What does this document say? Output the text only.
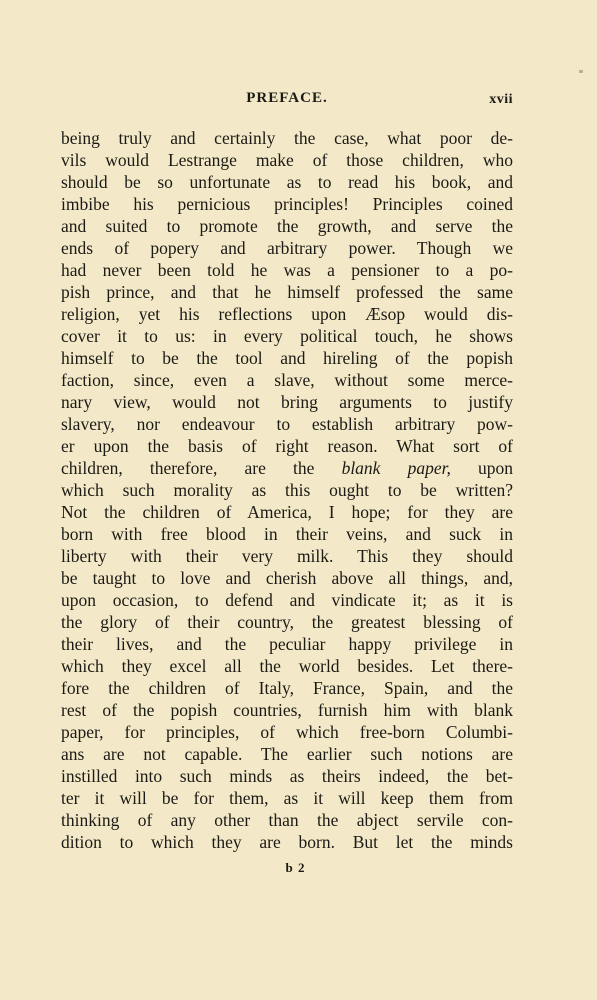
PREFACE.	xvii
being truly and certainly the case, what poor de-
vils would Lestrange make of those children, who
should be so unfortunate as to read his book, and
imbibe his pernicious principles! Principles coined
and suited to promote the growth, and serve the
ends of popery and arbitrary power. Though we
had never been told he was a pensioner to a po-
pish prince, and that he himself professed the same
religion, yet his reflections upon Æsop would dis-
cover it to us: in every political touch, he shows
himself to be the tool and hireling of the popish
faction, since, even a slave, without some merce-
nary view, would not bring arguments to justify
slavery, nor endeavour to establish arbitrary pow-
er upon the basis of right reason. What sort of
children, therefore, are the blank paper, upon
which such morality as this ought to be written?
Not the children of America, I hope; for they are
born with free blood in their veins, and suck in
liberty with their very milk. This they should
be taught to love and cherish above all things, and,
upon occasion, to defend and vindicate it; as it is
the glory of their country, the greatest blessing of
their lives, and the peculiar happy privilege in
which they excel all the world besides. Let there-
fore the children of Italy, France, Spain, and the
rest of the popish countries, furnish him with blank
paper, for principles, of which free-born Columbi-
ans are not capable. The earlier such notions are
instilled into such minds as theirs indeed, the bet-
ter it will be for them, as it will keep them from
thinking of any other than the abject servile con-
dition to which they are born. But let the minds
b 2
